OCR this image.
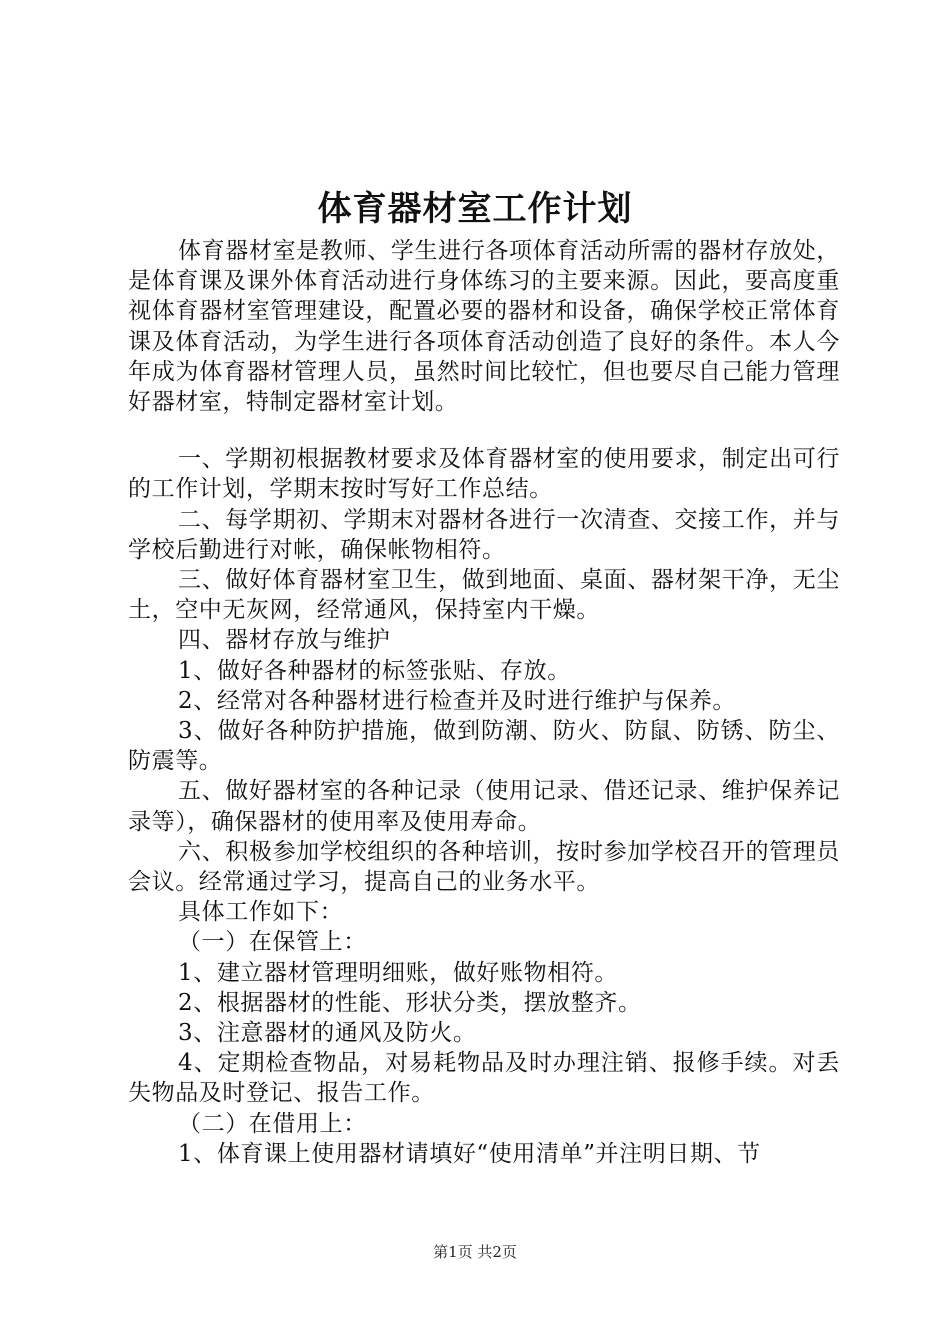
体育器材室工作计划

体育器材室是教师、学生进行各项体育活动所需的器材存放处，是体育课及课外体育活动进行身体练习的主要来源。因此，要高度重视体育器材室管理建设，配置必要的器材和设备，确保学校正常体育课及体育活动，为学生进行各项体育活动创造了良好的条件。本人今年成为体育器材管理人员，虽然时间比较忙，但也要尽自己能力管理好器材室，特制定器材室计划。

一、学期初根据教材要求及体育器材室的使用要求，制定出可行的工作计划，学期末按时写好工作总结。

二、每学期初、学期末对器材各进行一次清查、交接工作，并与学校后勤进行对帐，确保帐物相符。

三、做好体育器材室卫生，做到地面、桌面、器材架干净，无尘土，空中无灰网，经常通风，保持室内干燥。

四、器材存放与维护

1、做好各种器材的标签张贴、存放。

2、经常对各种器材进行检查并及时进行维护与保养。

3、做好各种防护措施，做到防潮、防火、防鼠、防锈、防尘、防震等。

五、做好器材室的各种记录（使用记录、借还记录、维护保养记录等），确保器材的使用率及使用寿命。

六、积极参加学校组织的各种培训，按时参加学校召开的管理员会议。经常通过学习，提高自己的业务水平。

具体工作如下：

（一）在保管上：

1、建立器材管理明细账，做好账物相符。

2、根据器材的性能、形状分类，摆放整齐。

3、注意器材的通风及防火。

4、定期检查物品，对易耗物品及时办理注销、报修手续。对丢失物品及时登记、报告工作。

（二）在借用上：

1、体育课上使用器材请填好“使用清单”并注明日期、节

第1页 共2页
